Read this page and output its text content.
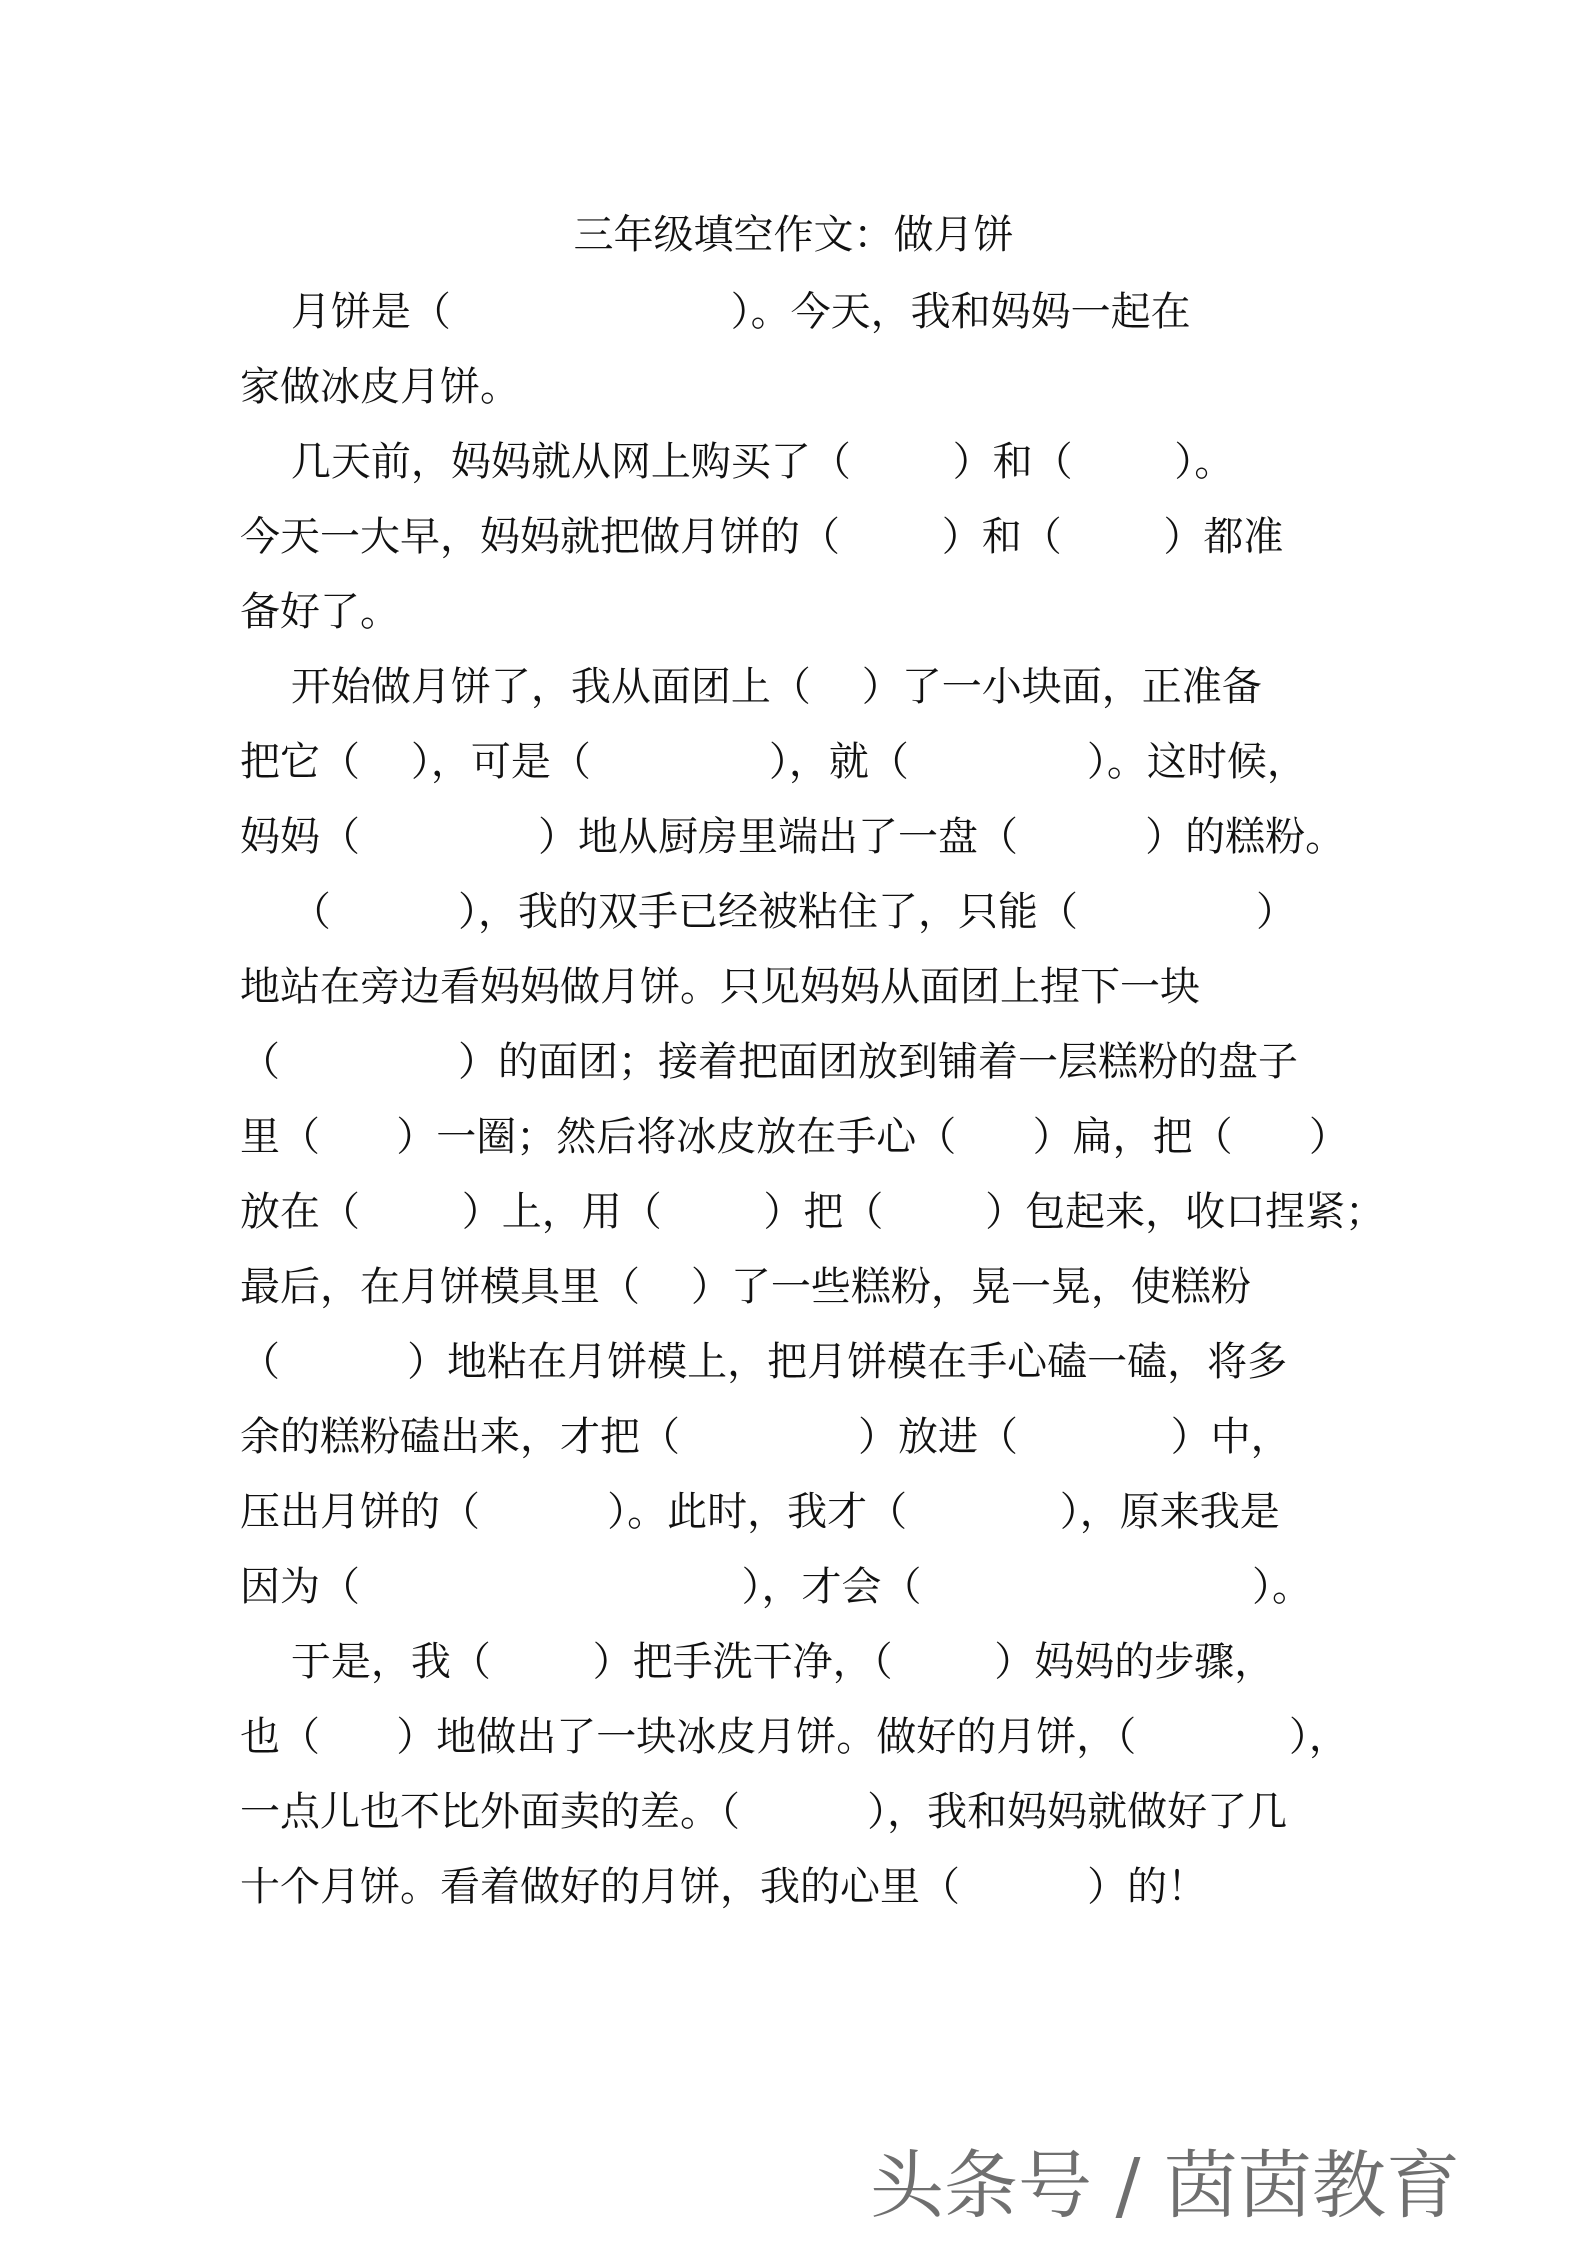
三年级填空作文：做月饼
月饼是（                      ）。今天，我和妈妈一起在
家做冰皮月饼。
几天前，妈妈就从网上购买了（        ）和（        ）。
今天一大早，妈妈就把做月饼的（        ）和（        ）都准
备好了。
开始做月饼了，我从面团上（    ）了一小块面，正准备
把它（    ），可是（              ），就（              ）。这时候，
妈妈（              ）地从厨房里端出了一盘（          ）的糕粉。
（          ），我的双手已经被粘住了，只能（              ）
地站在旁边看妈妈做月饼。只见妈妈从面团上捏下一块
（              ）的面团；接着把面团放到铺着一层糕粉的盘子
里（      ）一圈；然后将冰皮放在手心（      ）扁，把（      ）
放在（        ）上，用（        ）把（        ）包起来，收口捏紧；
最后，在月饼模具里（    ）了一些糕粉，晃一晃，使糕粉
（          ）地粘在月饼模上，把月饼模在手心磕一磕，将多
余的糕粉磕出来，才把（              ）放进（            ）中，
压出月饼的（          ）。此时，我才（            ），原来我是
因为（                              ），才会（                          ）。
于是，我（        ）把手洗干净，（        ）妈妈的步骤，
也（      ）地做出了一块冰皮月饼。做好的月饼，（            ），
一点儿也不比外面卖的差。（          ），我和妈妈就做好了几
十个月饼。看着做好的月饼，我的心里（          ）的！
头条号 / 茵茵教育
